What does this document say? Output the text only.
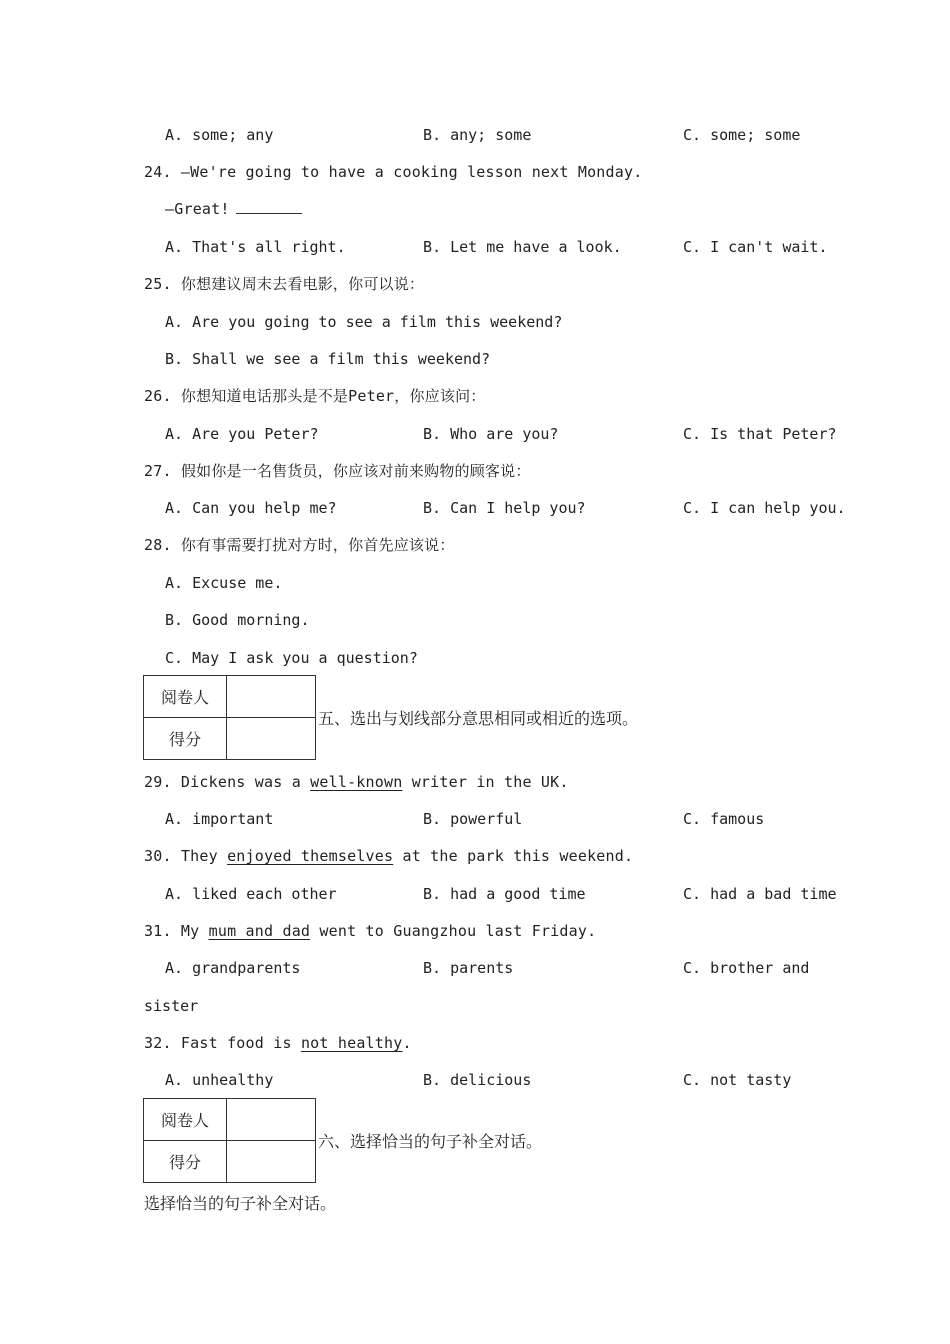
A. some; any	B. any; some	C. some; some
24. —We're going to have a cooking lesson next Monday.
—Great!
A. That's all right.	B. Let me have a look.	C. I can't wait.
25. 你想建议周末去看电影，你可以说：
A. Are you going to see a film this weekend?
B. Shall we see a film this weekend?
26. 你想知道电话那头是不是Peter，你应该问：
A. Are you Peter?	B. Who are you?	C. Is that Peter?
27. 假如你是一名售货员，你应该对前来购物的顾客说：
A. Can you help me?	B. Can I help you?	C. I can help you.
28. 你有事需要打扰对方时，你首先应该说：
A. Excuse me.
B. Good morning.
C. May I ask you a question?
阅卷人	
得分	
五、选出与划线部分意思相同或相近的选项。
29. Dickens was a well-known writer in the UK.
A. important	B. powerful	C. famous
30. They enjoyed themselves at the park this weekend.
A. liked each other	B. had a good time	C. had a bad time
31. My mum and dad went to Guangzhou last Friday.
A. grandparents	B. parents	C. brother and
sister
32. Fast food is not healthy.
A. unhealthy	B. delicious	C. not tasty
阅卷人	
得分	
六、选择恰当的句子补全对话。
选择恰当的句子补全对话。
